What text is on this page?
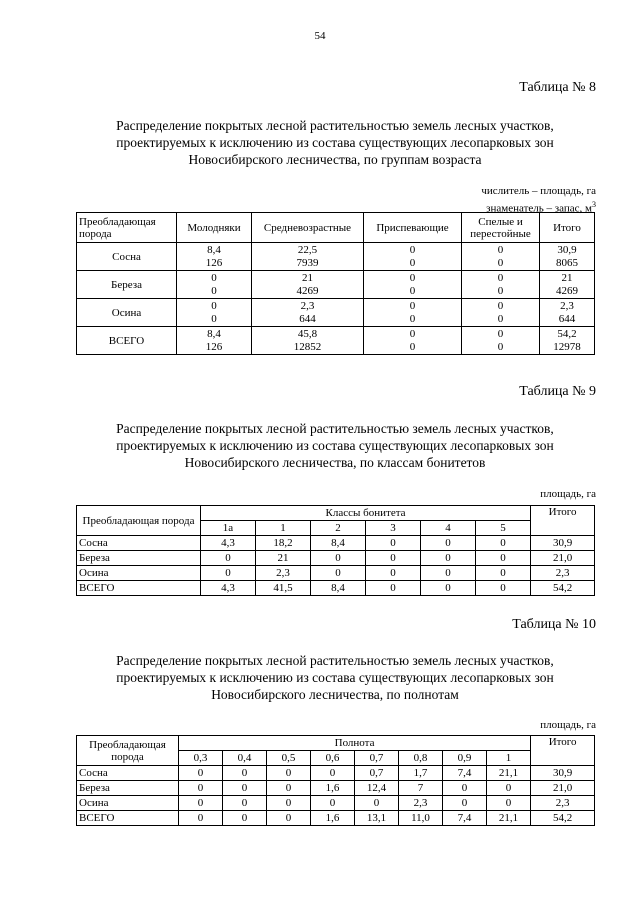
54
Таблица № 8
Распределение покрытых лесной растительностью земель лесных участков,
проектируемых к исключению из состава существующих лесопарковых зон
Новосибирского лесничества, по группам возраста
числитель – площадь, га
знаменатель – запас, $м^3$
Преобладающая порода	Молодняки	Средневозрастные	Приспевающие	Спелые и перестойные	Итого
Сосна	8,4	22,5	0	0	30,9
	126	7939	0	0	8065
Береза	0	21	0	0	21
	0	4269	0	0	4269
Осина	0	2,3	0	0	2,3
	0	644	0	0	644
ВСЕГО	8,4	45,8	0	0	54,2
	126	12852	0	0	12978
Таблица № 9
Распределение покрытых лесной растительностью земель лесных участков,
проектируемых к исключению из состава существующих лесопарковых зон
Новосибирского лесничества, по классам бонитетов
площадь, га
Преобладающая порода	Классы бонитета						Итого
	1а	1	2	3	4	5	
Сосна	4,3	18,2	8,4	0	0	0	30,9
Береза	0	21	0	0	0	0	21,0
Осина	0	2,3	0	0	0	0	2,3
ВСЕГО	4,3	41,5	8,4	0	0	0	54,2
Таблица № 10
Распределение покрытых лесной растительностью земель лесных участков,
проектируемых к исключению из состава существующих лесопарковых зон
Новосибирского лесничества, по полнотам
площадь, га
Преобладающая порода	Полнота								Итого
	0,3	0,4	0,5	0,6	0,7	0,8	0,9	1	
Сосна	0	0	0	0	0,7	1,7	7,4	21,1	30,9
Береза	0	0	0	1,6	12,4	7	0	0	21,0
Осина	0	0	0	0	0	2,3	0	0	2,3
ВСЕГО	0	0	0	1,6	13,1	11,0	7,4	21,1	54,2
